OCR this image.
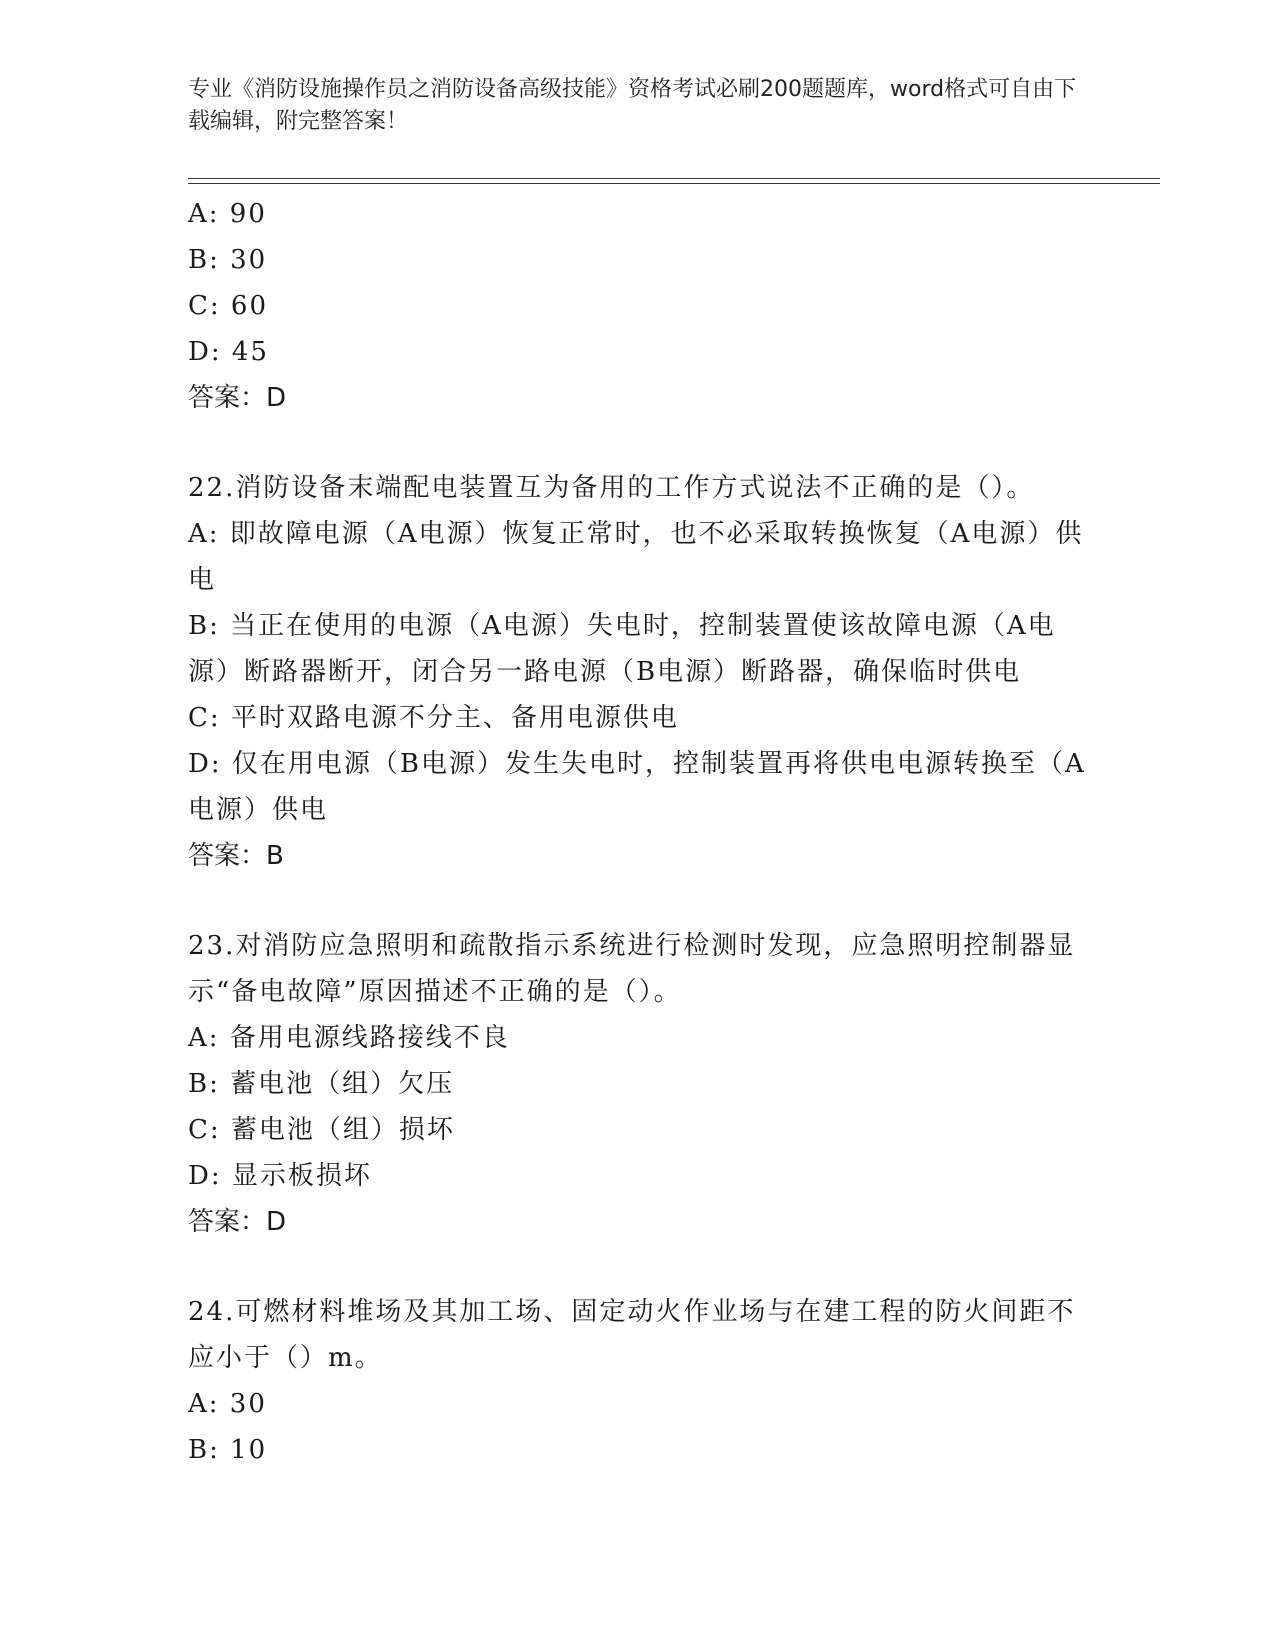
专业《消防设施操作员之消防设备高级技能》资格考试必刷200题题库，word格式可自由下载编辑，附完整答案！
A: 90
B: 30
C: 60
D: 45
答案：D
22.消防设备末端配电装置互为备用的工作方式说法不正确的是（）。
A: 即故障电源（A电源）恢复正常时，也不必采取转换恢复（A电源）供电
B: 当正在使用的电源（A电源）失电时，控制装置使该故障电源（A电源）断路器断开，闭合另一路电源（B电源）断路器，确保临时供电
C: 平时双路电源不分主、备用电源供电
D: 仅在用电源（B电源）发生失电时，控制装置再将供电电源转换至（A电源）供电
答案：B
23.对消防应急照明和疏散指示系统进行检测时发现，应急照明控制器显示“备电故障”原因描述不正确的是（）。
A: 备用电源线路接线不良
B: 蓄电池（组）欠压
C: 蓄电池（组）损坏
D: 显示板损坏
答案：D
24.可燃材料堆场及其加工场、固定动火作业场与在建工程的防火间距不应小于（）m。
A: 30
B: 10
